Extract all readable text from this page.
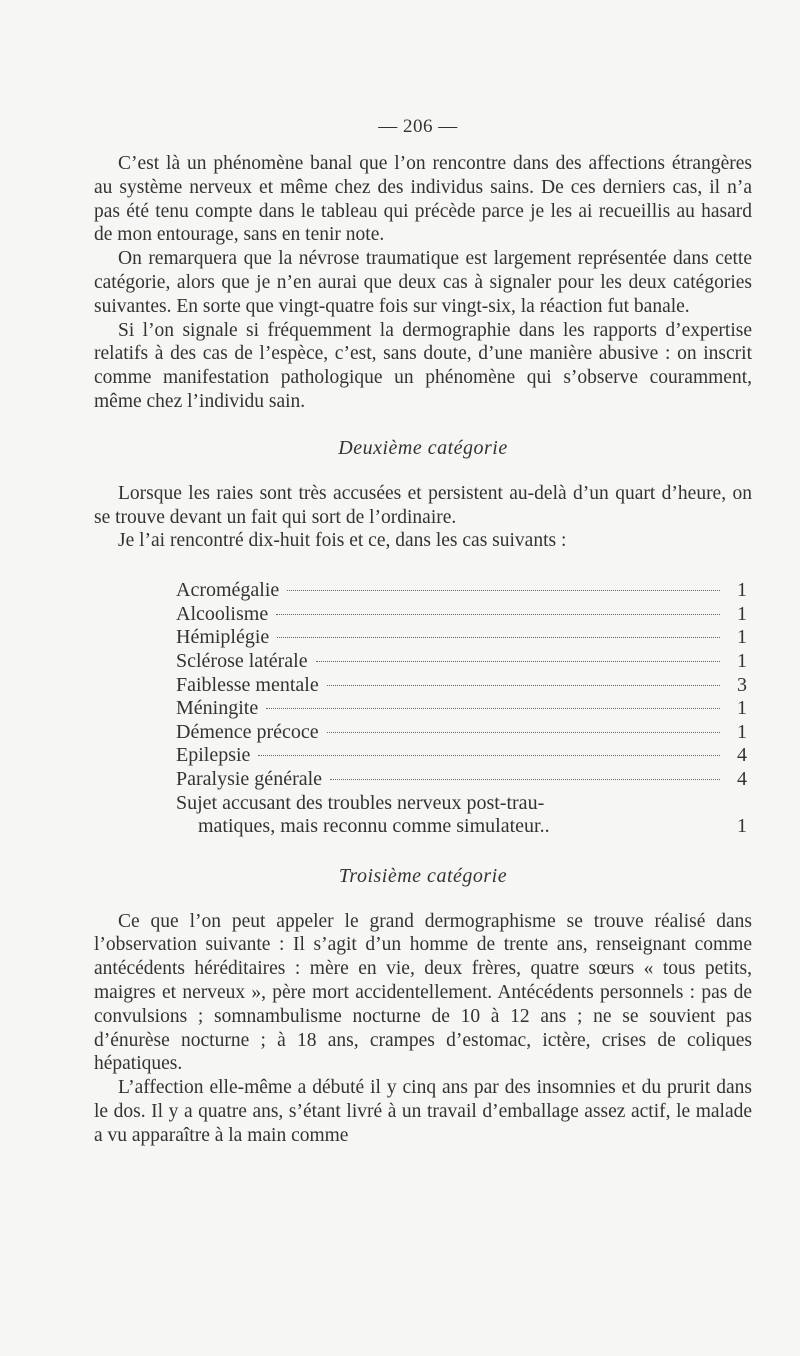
— 206 —

C’est là un phénomène banal que l’on rencontre dans des affections étrangères au système nerveux et même chez des individus sains. De ces derniers cas, il n’a pas été tenu compte dans le tableau qui précède parce je les ai recueillis au hasard de mon entourage, sans en tenir note.

On remarquera que la névrose traumatique est largement représentée dans cette catégorie, alors que je n’en aurai que deux cas à signaler pour les deux catégories suivantes. En sorte que vingt-quatre fois sur vingt-six, la réaction fut banale.

Si l’on signale si fréquemment la dermographie dans les rapports d’expertise relatifs à des cas de l’espèce, c’est, sans doute, d’une manière abusive : on inscrit comme manifestation pathologique un phénomène qui s’observe couramment, même chez l’individu sain.

Deuxième catégorie

Lorsque les raies sont très accusées et persistent au-delà d’un quart d’heure, on se trouve devant un fait qui sort de l’ordinaire.

Je l’ai rencontré dix-huit fois et ce, dans les cas suivants :

Acromégalie	1
Alcoolisme	1
Hémiplégie	1
Sclérose latérale	1
Faiblesse mentale	3
Méningite	1
Démence précoce	1
Epilepsie	4
Paralysie générale	4
Sujet accusant des troubles nerveux post-trau-
matiques, mais reconnu comme simulateur..	1
Troisième catégorie

Ce que l’on peut appeler le grand dermographisme se trouve réalisé dans l’observation suivante : Il s’agit d’un homme de trente ans, renseignant comme antécédents héréditaires : mère en vie, deux frères, quatre sœurs « tous petits, maigres et nerveux », père mort accidentellement. Antécédents personnels : pas de convulsions ; somnambulisme nocturne de 10 à 12 ans ; ne se souvient pas d’énurèse nocturne ; à 18 ans, crampes d’estomac, ictère, crises de coliques hépatiques.

L’affection elle-même a débuté il y cinq ans par des insomnies et du prurit dans le dos. Il y a quatre ans, s’étant livré à un travail d’emballage assez actif, le malade a vu apparaître à la main comme
